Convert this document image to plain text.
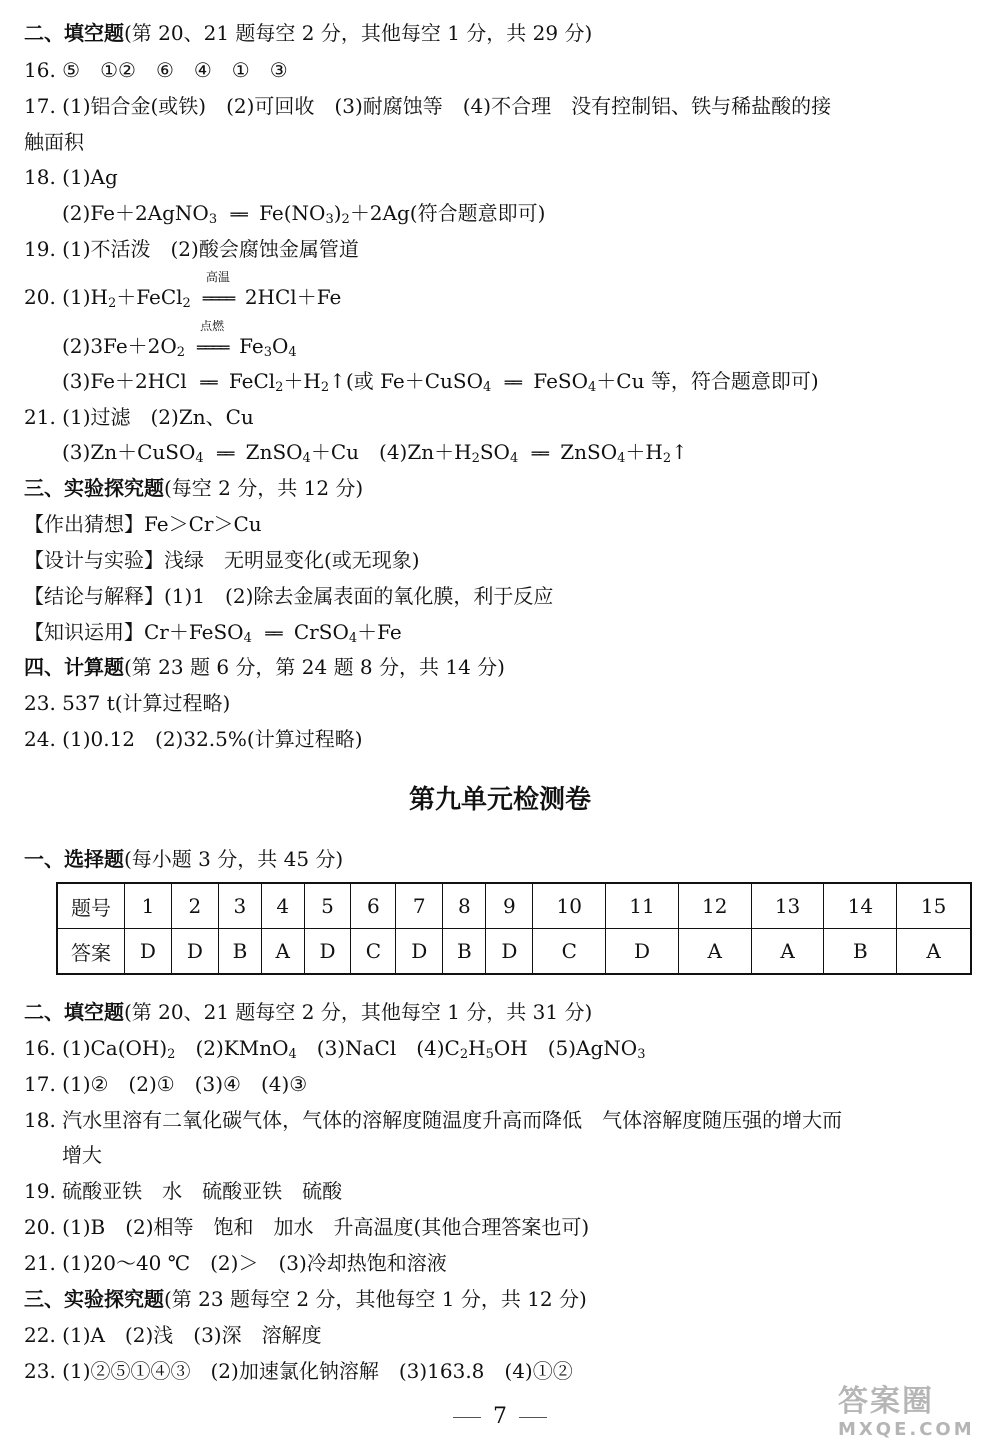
二、填空题(第 20、21 题每空 2 分，其他每空 1 分，共 29 分)
16. ⑤　①②　⑥　④　①　③
17. (1)铝合金(或铁)　(2)可回收　(3)耐腐蚀等　(4)不合理　没有控制铝、铁与稀盐酸的接
触面积
18. (1)Ag
(2)Fe＋2AgNO$_3$ ══ $Fe(NO_3)_2+2Ag$(符合题意即可)
19. (1)不活泼　(2)酸会腐蚀金属管道
20. $(1)H_2+FeCl_2$
高温
════ 2HCl＋Fe
$(2)3Fe+2O_2$
点燃
════ $Fe_3O_4$
(3)Fe＋2HCl ══ $FeCl_2+H_2↑$(或 Fe＋CuSO$_4$ ══ FeSO$_4$＋Cu 等，符合题意即可)
21. (1)过滤　(2)Zn、Cu
(3)Zn＋CuSO$_4$ ══ ZnSO$_4$＋Cu　$(4)Zn+H_2SO_4$ ══ $ZnSO_4+H_2↑$
三、实验探究题(每空 2 分，共 12 分)
【作出猜想】Fe＞Cr＞Cu
【设计与实验】浅绿　无明显变化(或无现象)
【结论与解释】(1)1　(2)除去金属表面的氧化膜，利于反应
【知识运用】Cr＋FeSO$_4$ ══ CrSO$_4$＋Fe
四、计算题(第 23 题 6 分，第 24 题 8 分，共 14 分)
23. 537 t(计算过程略)
24. (1)0.12　(2)32.5%(计算过程略)
第九单元检测卷
一、选择题(每小题 3 分，共 45 分)
题号	1	2	3	4	5	6	7	8	9	10	11	12	13	14	15
答案	D	D	B	A	D	C	D	B	D	C	D	A	A	B	A
二、填空题(第 20、21 题每空 2 分，其他每空 1 分，共 31 分)
16. $(1)Ca(OH)_2$　(2)KMnO$_4$　(3)NaCl　$(4)C_2H_5OH$　(5)AgNO$_3$
17. (1)②　(2)①　(3)④　(4)③
18. 汽水里溶有二氧化碳气体，气体的溶解度随温度升高而降低　气体溶解度随压强的增大而
增大
19. 硫酸亚铁　水　硫酸亚铁　硫酸
20. (1)B　(2)相等　饱和　加水　升高温度(其他合理答案也可)
21. (1)20～40 ℃　(2)＞　(3)冷却热饱和溶液
三、实验探究题(第 23 题每空 2 分，其他每空 1 分，共 12 分)
22. (1)A　(2)浅　(3)深　溶解度
23. (1)②⑤①④③　(2)加速氯化钠溶解　(3)163.8　(4)①②
7	答案圈
MXQE.COM
